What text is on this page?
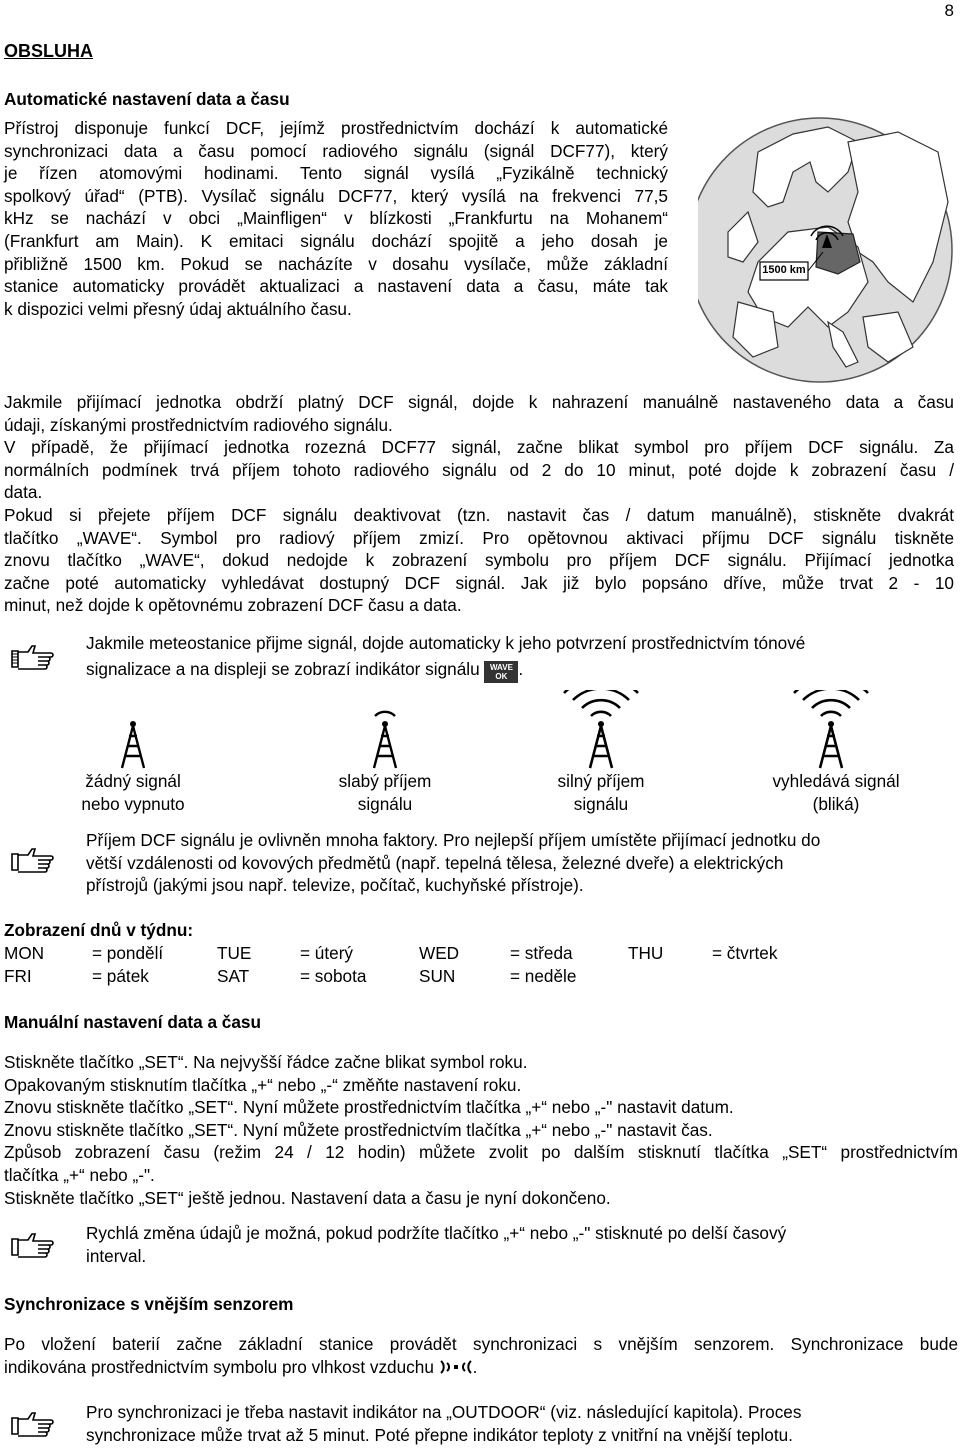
8
OBSLUHA
Automatické nastavení data a času
Přístroj disponuje funkcí DCF, jejímž prostřednictvím dochází k automatické
synchronizaci data a času pomocí radiového signálu (signál DCF77), který
je řízen atomovými hodinami. Tento signál vysílá „Fyzikálně technický
spolkový úřad“ (PTB). Vysílač signálu DCF77, který vysílá na frekvenci 77,5
kHz se nachází v obci „Mainfligen“ v blízkosti „Frankfurtu na Mohanem“
(Frankfurt am Main). K emitaci signálu dochází spojitě a jeho dosah je
přibližně 1500 km. Pokud se nacházíte v dosahu vysílače, může základní
stanice automaticky provádět aktualizaci a nastavení data a času, máte tak
k dispozici velmi přesný údaj aktuálního času.
1500 km
Jakmile přijímací jednotka obdrží platný DCF signál, dojde k nahrazení manuálně nastaveného data a času
údaji, získanými prostřednictvím radiového signálu.
V případě, že přijímací jednotka rozezná DCF77 signál, začne blikat symbol pro příjem DCF signálu. Za
normálních podmínek trvá příjem tohoto radiového signálu od 2 do 10 minut, poté dojde k zobrazení času /
data.
Pokud si přejete příjem DCF signálu deaktivovat (tzn. nastavit čas / datum manuálně), stiskněte dvakrát
tlačítko „WAVE“. Symbol pro radiový příjem zmizí. Pro opětovnou aktivaci příjmu DCF signálu tiskněte
znovu tlačítko „WAVE“, dokud nedojde k zobrazení symbolu pro příjem DCF signálu. Přijímací jednotka
začne poté automaticky vyhledávat dostupný DCF signál. Jak již bylo popsáno dříve, může trvat 2 - 10
minut, než dojde k opětovnému zobrazení DCF času a data.
Jakmile meteostanice přijme signál, dojde automaticky k jeho potvrzení prostřednictvím tónové
signalizace a na displeji se zobrazí indikátor signálu	WAVE
OK .
žádný signál
nebo vypnuto
slabý příjem
signálu
silný příjem
signálu
vyhledává signál
(bliká)
Příjem DCF signálu je ovlivněn mnoha faktory. Pro nejlepší příjem umístěte přijímací jednotku do
větší vzdálenosti od kovových předmětů (např. tepelná tělesa, železné dveře) a elektrických
přístrojů (jakými jsou např. televize, počítač, kuchyňské přístroje).
Zobrazení dnů v týdnu:
MON	= pondělí	TUE	= úterý	WED	= středa	THU	= čtvrtek
FRI	= pátek	SAT	= sobota	SUN	= neděle
Manuální nastavení data a času
Stiskněte tlačítko „SET“. Na nejvyšší řádce začne blikat symbol roku.
Opakovaným stisknutím tlačítka „+“ nebo „-“ změňte nastavení roku.
Znovu stiskněte tlačítko „SET“. Nyní můžete prostřednictvím tlačítka „+“ nebo „-" nastavit datum.
Znovu stiskněte tlačítko „SET“. Nyní můžete prostřednictvím tlačítka „+“ nebo „-" nastavit čas.
Způsob zobrazení času (režim 24 / 12 hodin) můžete zvolit po dalším stisknutí tlačítka „SET“ prostřednictvím
tlačítka „+“ nebo „-".
Stiskněte tlačítko „SET“ ještě jednou. Nastavení data a času je nyní dokončeno.
Rychlá změna údajů je možná, pokud podržíte tlačítko „+“ nebo „-" stisknuté po delší časový
interval.
Synchronizace s vnějším senzorem
Po vložení baterií začne základní stanice provádět synchronizaci s vnějším senzorem. Synchronizace bude
indikována prostřednictvím symbolu pro vlhkost vzduchu .
Pro synchronizaci je třeba nastavit indikátor na „OUTDOOR“ (viz. následující kapitola). Proces
synchronizace může trvat až 5 minut. Poté přepne indikátor teploty z vnitřní na vnější teplotu.
